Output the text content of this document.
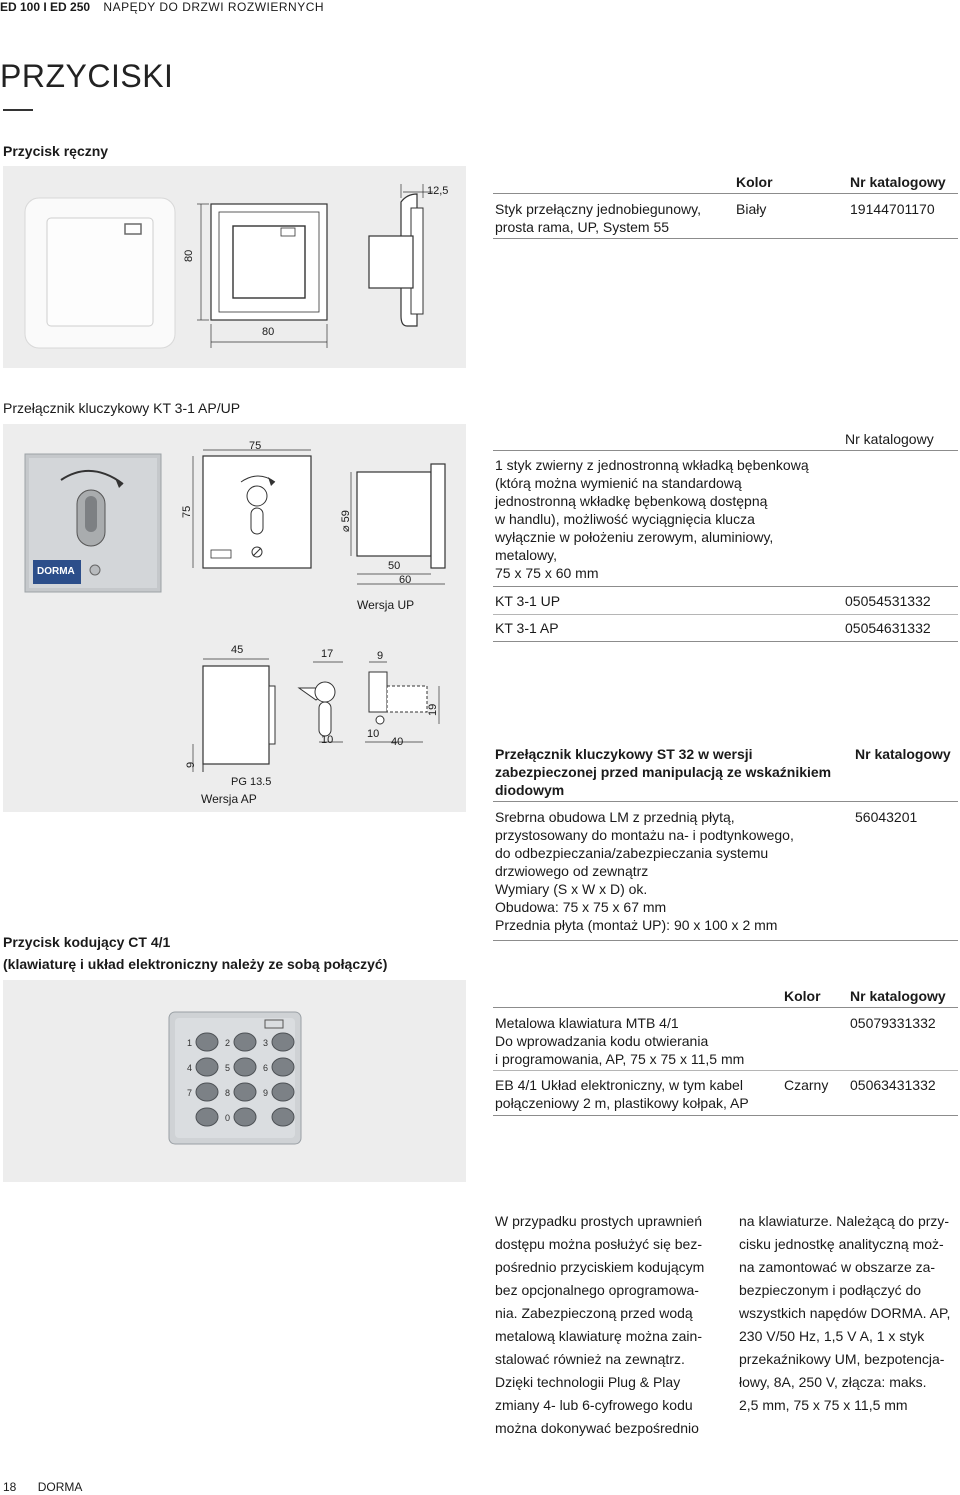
ED 100 I ED 250 NAPĘDY DO DRZWI ROZWIERNYCH
PRZYCISKI
Przycisk ręczny
12,5
80
80
Kolor	Nr katalogowy
Styk przełączny jednobiegunowy,
prosta rama, UP, System 55
Biały	19144701170
Przełącznik kluczykowy KT 3-1 AP/UP
DORMA
75
75	⌀ 59
50
60
Wersja UP
45	17	9
19
10	10
40
9
PG 13.5
Wersja AP
Nr katalogowy
1 styk zwierny z jednostronną wkładką bębenkową
(którą można wymienić na standardową
jednostronną wkładkę bębenkową dostępną
w handlu), możliwość wyciągnięcia klucza
wyłącznie w położeniu zerowym, aluminiowy,
metalowy,
75 x 75 x 60 mm
KT 3-1 UP	05054531332
KT 3-1 AP	05054631332
Przełącznik kluczykowy ST 32 w wersji
zabezpieczonej przed manipulacją ze wskaźnikiem
diodowym
Nr katalogowy
Srebrna obudowa LM z przednią płytą,
przystosowany do montażu na- i podtynkowego,
do odbezpieczania/zabezpieczania systemu
drzwiowego od zewnątrz
Wymiary (S x W x D) ok.
Obudowa: 75 x 75 x 67 mm
Przednia płyta (montaż UP): 90 x 100 x 2 mm
56043201
Przycisk kodujący CT 4/1
(klawiaturę i układ elektroniczny należy ze sobą połączyć)
1	2	3
4	5	6
7	8	9
0
Kolor Nr katalogowy
Metalowa klawiatura MTB 4/1
Do wprowadzania kodu otwierania
i programowania, AP, 75 x 75 x 11,5 mm
05079331332
EB 4/1 Układ elektroniczny, w tym kabel
połączeniowy 2 m, plastikowy kołpak, AP
Czarny 05063431332
W przypadku prostych uprawnień
dostępu można posłużyć się bez-
pośrednio przyciskiem kodującym
bez opcjonalnego oprogramowa-
nia. Zabezpieczoną przed wodą
metalową klawiaturę można zain-
stalować również na zewnątrz.
Dzięki technologii Plug & Play
zmiany 4- lub 6-cyfrowego kodu
można dokonywać bezpośrednio
na klawiaturze. Należącą do przy-
cisku jednostkę analityczną moż-
na zamontować w obszarze za-
bezpieczonym i podłączyć do
wszystkich napędów DORMA. AP,
230 V/50 Hz, 1,5 V A, 1 x styk
przekaźnikowy UM, bezpotencja-
łowy, 8A, 250 V, złącza: maks.
2,5 mm, 75 x 75 x 11,5 mm
18 DORMA
